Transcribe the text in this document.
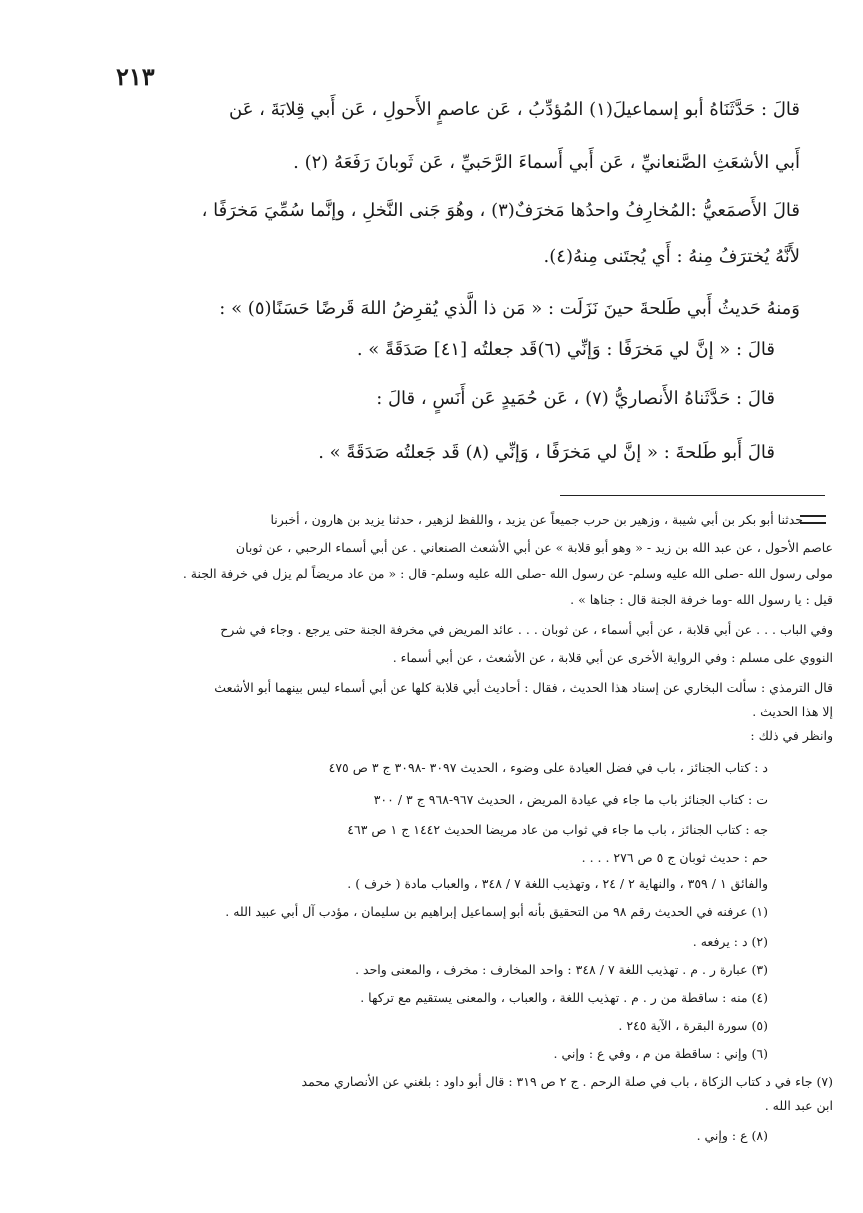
٢١٣
قالَ : حَدَّثَنَاهُ أبو إسماعيلَ(١) المُؤدِّبُ ، عَن عاصمٍ الأَحولِ ، عَن أَبي قِلابَةَ ، عَن
أَبي الأشعَثِ الصَّنعانيِّ ، عَن أَبي أَسماءَ الرَّحَبيِّ ، عَن ثَوبانَ رَفَعَهُ (٢) .
قالَ الأَصمَعيُّ :المُخارِفُ واحدُها مَخرَفٌ(٣) ، وهُوَ جَنى النَّخلِ ، وإنَّما سُمِّيَ مَخرَفًا ،
لأَنَّهُ يُخترَفُ مِنهُ : أَي يُجتَنى مِنهُ(٤).
وَمنهُ حَديثُ أَبي طَلحةَ حينَ نَزَلَت : « مَن ذا الَّذي يُقرِضُ اللهَ قَرضًا حَسَنًا(٥) » :
قالَ : « إنَّ لي مَخرَفًا : وَإنِّي (٦)قَد جعلتُه [٤١] صَدَقَةً » .
قالَ : حَدَّثَناهُ الأَنصاريُّ (٧) ، عَن حُمَيدٍ عَن أَنَسٍ ، قالَ :
قالَ أَبو طَلحةَ : « إنَّ لي مَخرَفًا ، وَإنِّي (٨) قَد جَعلتُه صَدَقَةً » .
حدثنا أبو بكر بن أبي شيبة ، وزهير بن حرب جميعاً عن يزيد ، واللفظ لزهير ، حدثنا يزيد بن هارون ، أخبرنا
عاصم الأحول ، عن عبد الله بن زيد - « وهو أبو قلابة » عن أبي الأشعث الصنعاني . عن أبي أسماء الرحبي ، عن ثوبان
مولى رسول الله -صلى الله عليه وسلم- عن رسول الله -صلى الله عليه وسلم- قال : « من عاد مريضاً لم يزل في خرفة الجنة .
قيل : يا رسول الله -وما خرفة الجنة قال : جناها » .
وفي الباب . . . عن أبي قلابة ، عن أبي أسماء ، عن ثوبان . . . عائد المريض في مخرفة الجنة حتى يرجع . وجاء في شرح
النووي على مسلم : وفي الرواية الأخرى عن أبي قلابة ، عن الأشعث ، عن أبي أسماء .
قال الترمذي : سألت البخاري عن إسناد هذا الحديث ، فقال : أحاديث أبي قلابة كلها عن أبي أسماء ليس بينهما أبو الأشعث
إلا هذا الحديث .
وانظر في ذلك :
د : كتاب الجنائز ، باب في فضل العيادة على وضوء ، الحديث ٣٠٩٧ -٣٠٩٨ ج ٣ ص ٤٧٥
ت : كتاب الجنائز باب ما جاء في عيادة المريض ، الحديث ٩٦٧-٩٦٨ ج ٣ / ٣٠٠
جه : كتاب الجنائز ، باب ما جاء في ثواب من عاد مريضا الحديث ١٤٤٢ ج ١ ص ٤٦٣
حم : حديث ثوبان ج ٥ ص ٢٧٦ . . . .
والفائق ١ / ٣٥٩ ، والنهاية ٢ / ٢٤ ، وتهذيب اللغة ٧ / ٣٤٨ ، والعباب مادة ( خرف ) .
(١) عرفنه في الحديث رقم ٩٨ من التحقيق بأنه أبو إسماعيل إبراهيم بن سليمان ، مؤدب آل أبي عبيد الله .
(٢) د : يرفعه .
(٣) عبارة ر . م . تهذيب اللغة ٧ / ٣٤٨ : واحد المخارف : مخرف ، والمعنى واحد .
(٤) منه : ساقطة من ر . م . تهذيب اللغة ، والعباب ، والمعنى يستقيم مع تركها .
(٥) سورة البقرة ، الآية ٢٤٥ .
(٦) وإني : ساقطة من م ، وفي ع : وإني .
(٧) جاء في د كتاب الزكاة ، باب في صلة الرحم . ج ٢ ص ٣١٩ : قال أبو داود : بلغني عن الأنصاري محمد
ابن عبد الله .
(٨) ع : وإني .
